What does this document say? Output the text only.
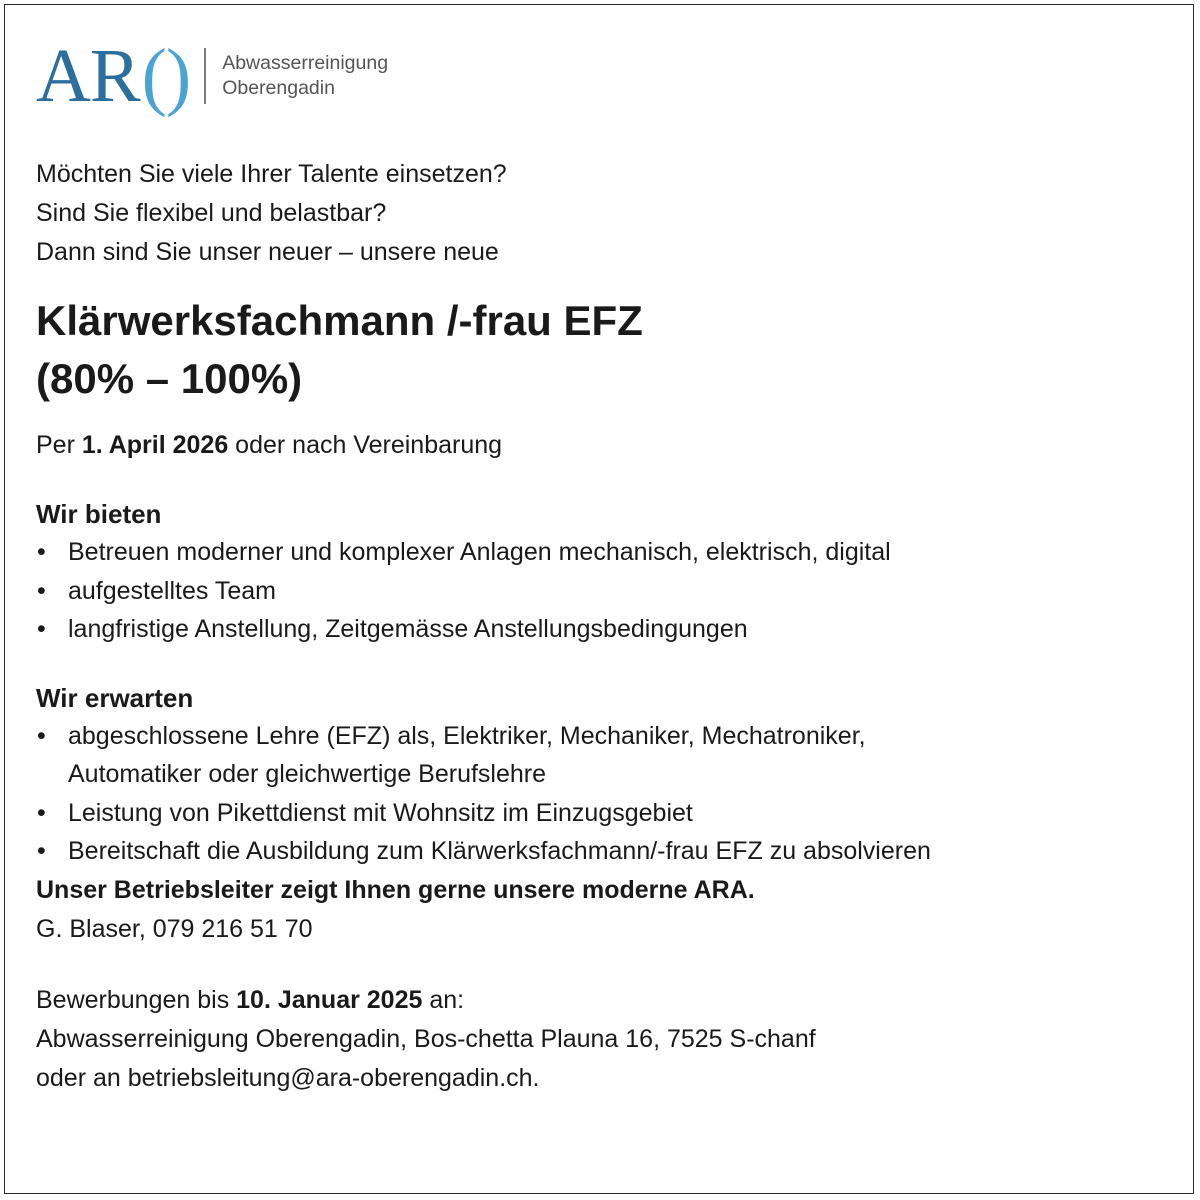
AR () Abwasserreinigung
Oberengadin

Möchten Sie viele Ihrer Talente einsetzen?

Sind Sie flexibel und belastbar?

Dann sind Sie unser neuer – unsere neue

Klärwerksfachmann /-frau EFZ
(80% – 100%)
Per 1. April 2026 oder nach Vereinbarung
Wir bieten
• Betreuen moderner und komplexer Anlagen mechanisch, elektrisch, digital
• aufgestelltes Team
• langfristige Anstellung, Zeitgemässe Anstellungsbedingungen
Wir erwarten
• abgeschlossene Lehre (EFZ) als, Elektriker, Mechaniker, Mechatroniker, Automatiker oder gleichwertige Berufslehre
• Leistung von Pikettdienst mit Wohnsitz im Einzugsgebiet
• Bereitschaft die Ausbildung zum Klärwerksfachmann/-frau EFZ zu absolvieren

Unser Betriebsleiter zeigt Ihnen gerne unsere moderne ARA.

G. Blaser, 079 216 51 70

Bewerbungen bis 10. Januar 2025 an:

Abwasserreinigung Oberengadin, Bos-chetta Plauna 16, 7525 S-chanf

oder an betriebsleitung@ara-oberengadin.ch.
